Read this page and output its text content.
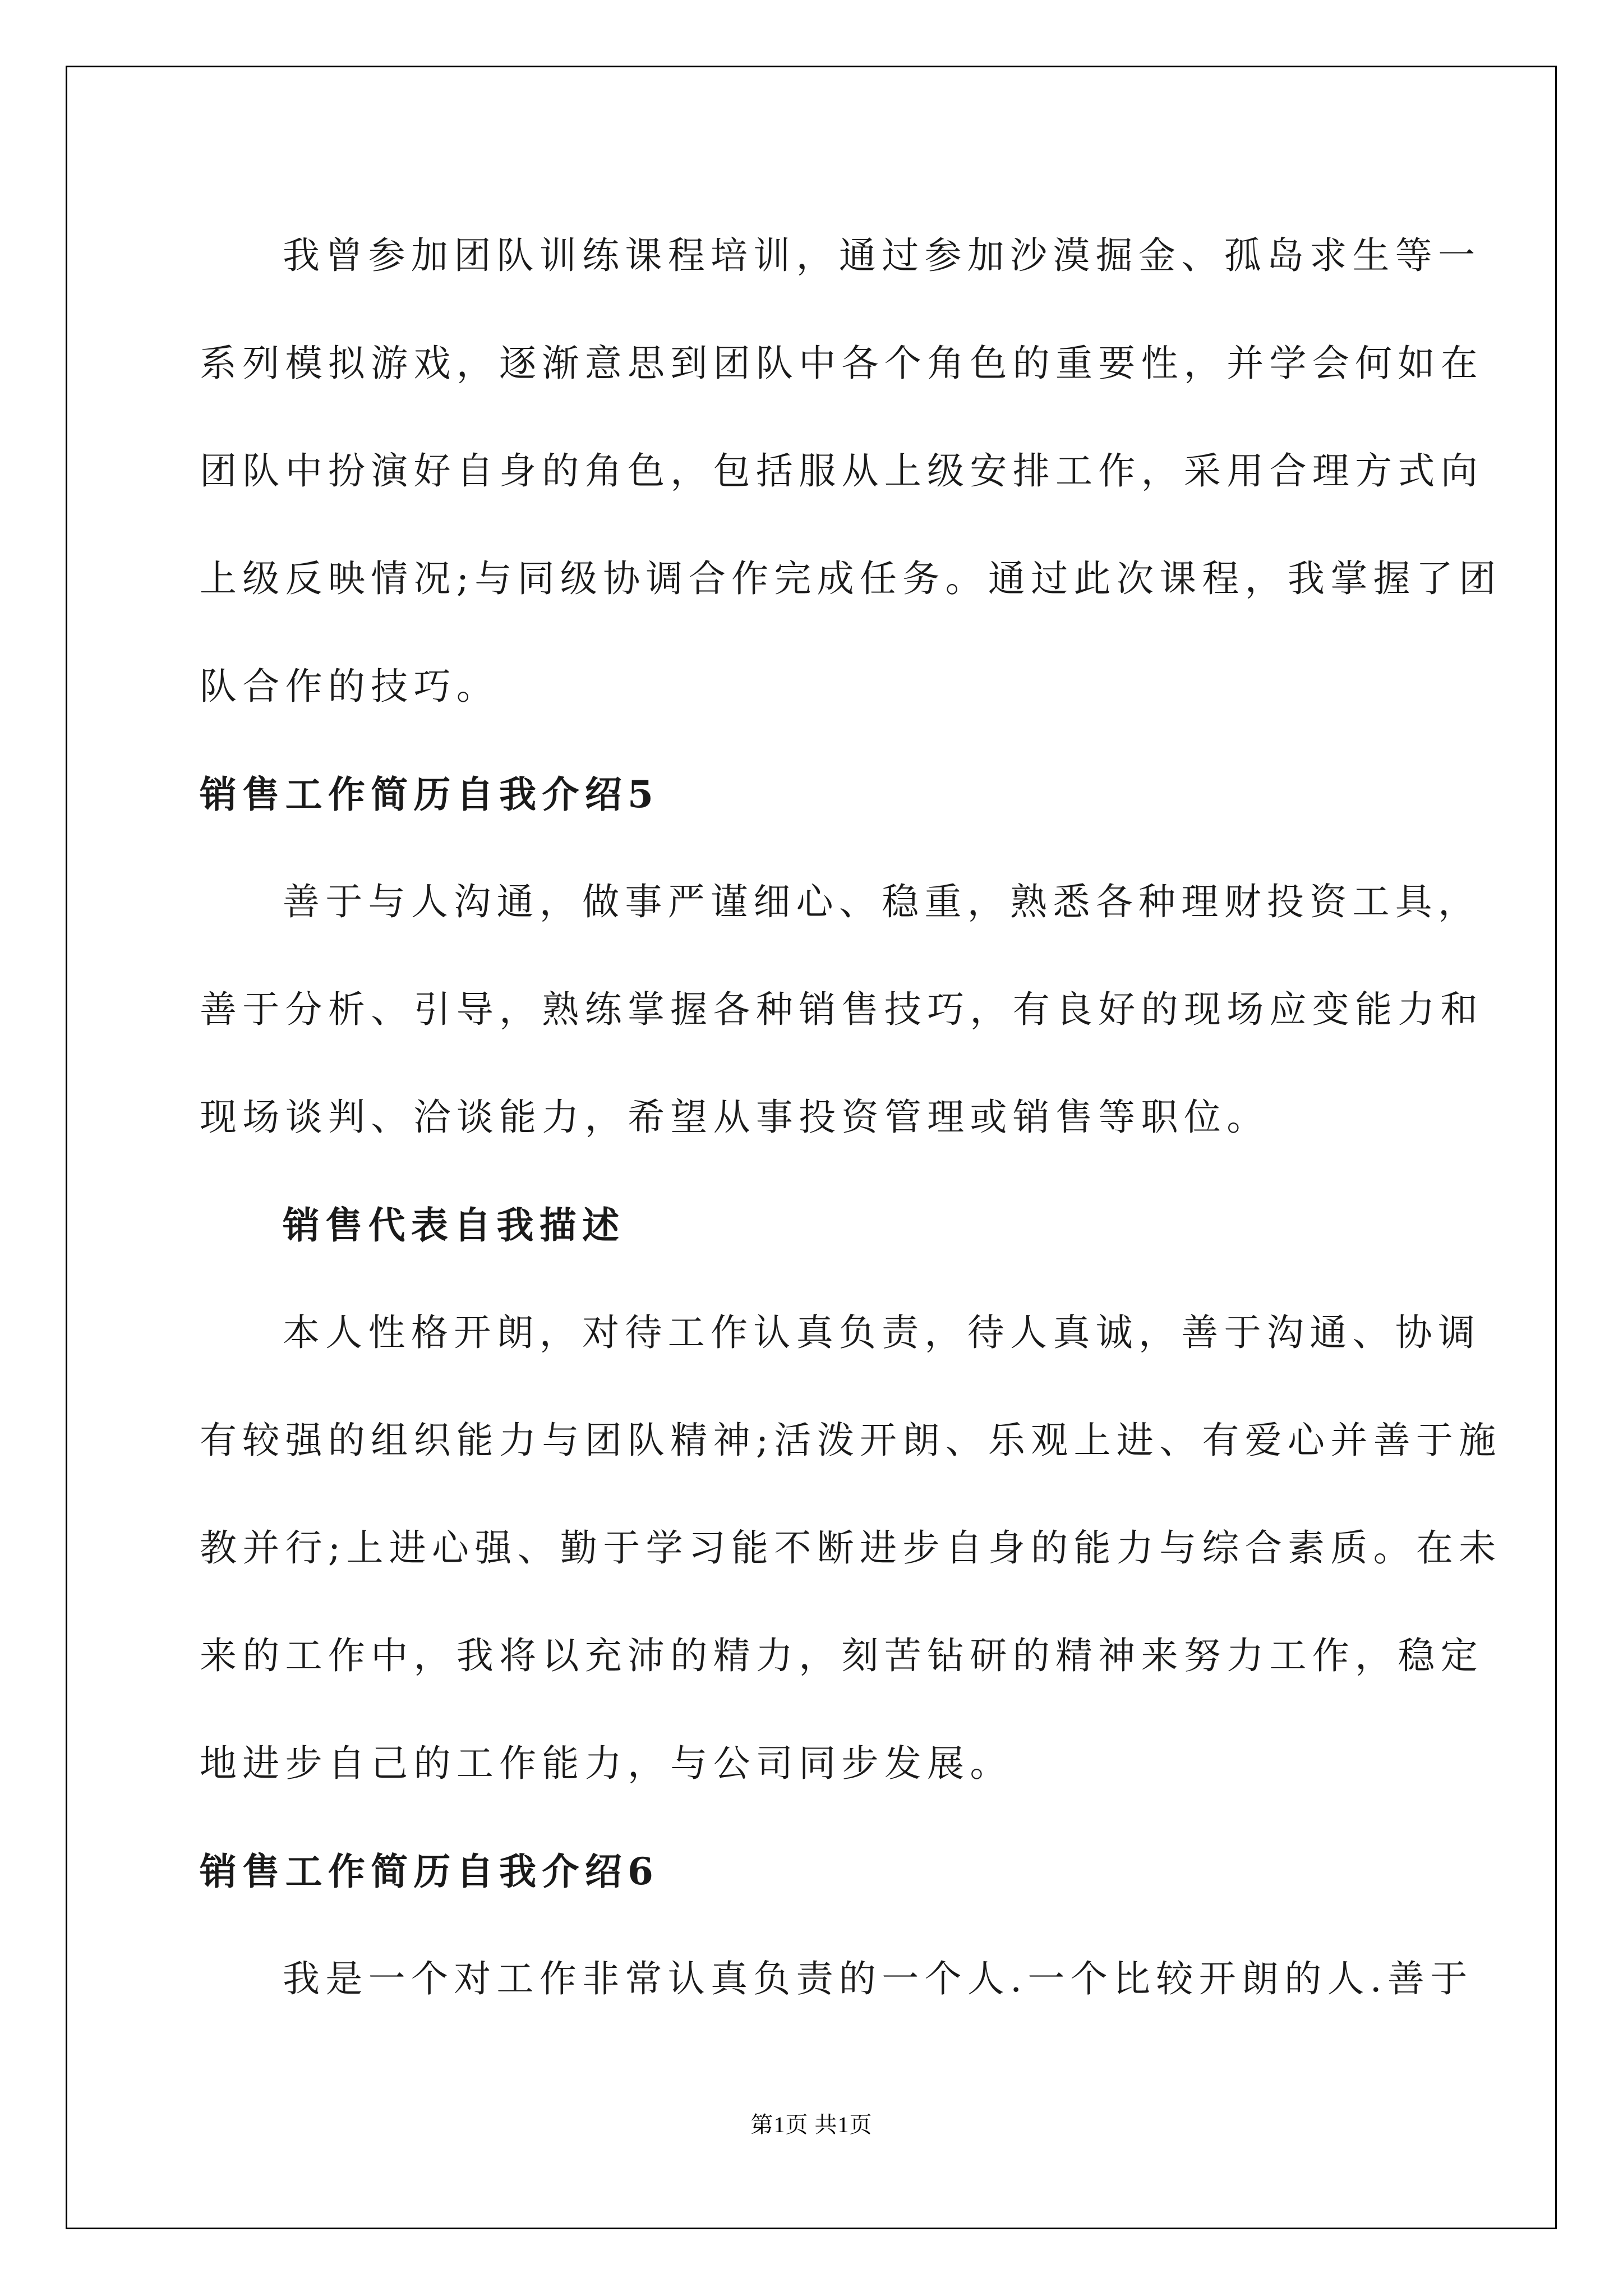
我曾参加团队训练课程培训，通过参加沙漠掘金、孤岛求生等一
系列模拟游戏，逐渐意思到团队中各个角色的重要性，并学会何如在
团队中扮演好自身的角色，包括服从上级安排工作，采用合理方式向
上级反映情况;与同级协调合作完成任务。通过此次课程，我掌握了团
队合作的技巧。

销售工作简历自我介绍5

善于与人沟通，做事严谨细心、稳重，熟悉各种理财投资工具，
善于分析、引导，熟练掌握各种销售技巧，有良好的现场应变能力和
现场谈判、洽谈能力，希望从事投资管理或销售等职位。

销售代表自我描述

本人性格开朗，对待工作认真负责，待人真诚，善于沟通、协调
有较强的组织能力与团队精神;活泼开朗、乐观上进、有爱心并善于施
教并行;上进心强、勤于学习能不断进步自身的能力与综合素质。在未
来的工作中，我将以充沛的精力，刻苦钻研的精神来努力工作，稳定
地进步自己的工作能力，与公司同步发展。

销售工作简历自我介绍6

我是一个对工作非常认真负责的一个人.一个比较开朗的人.善于

第1页 共1页
